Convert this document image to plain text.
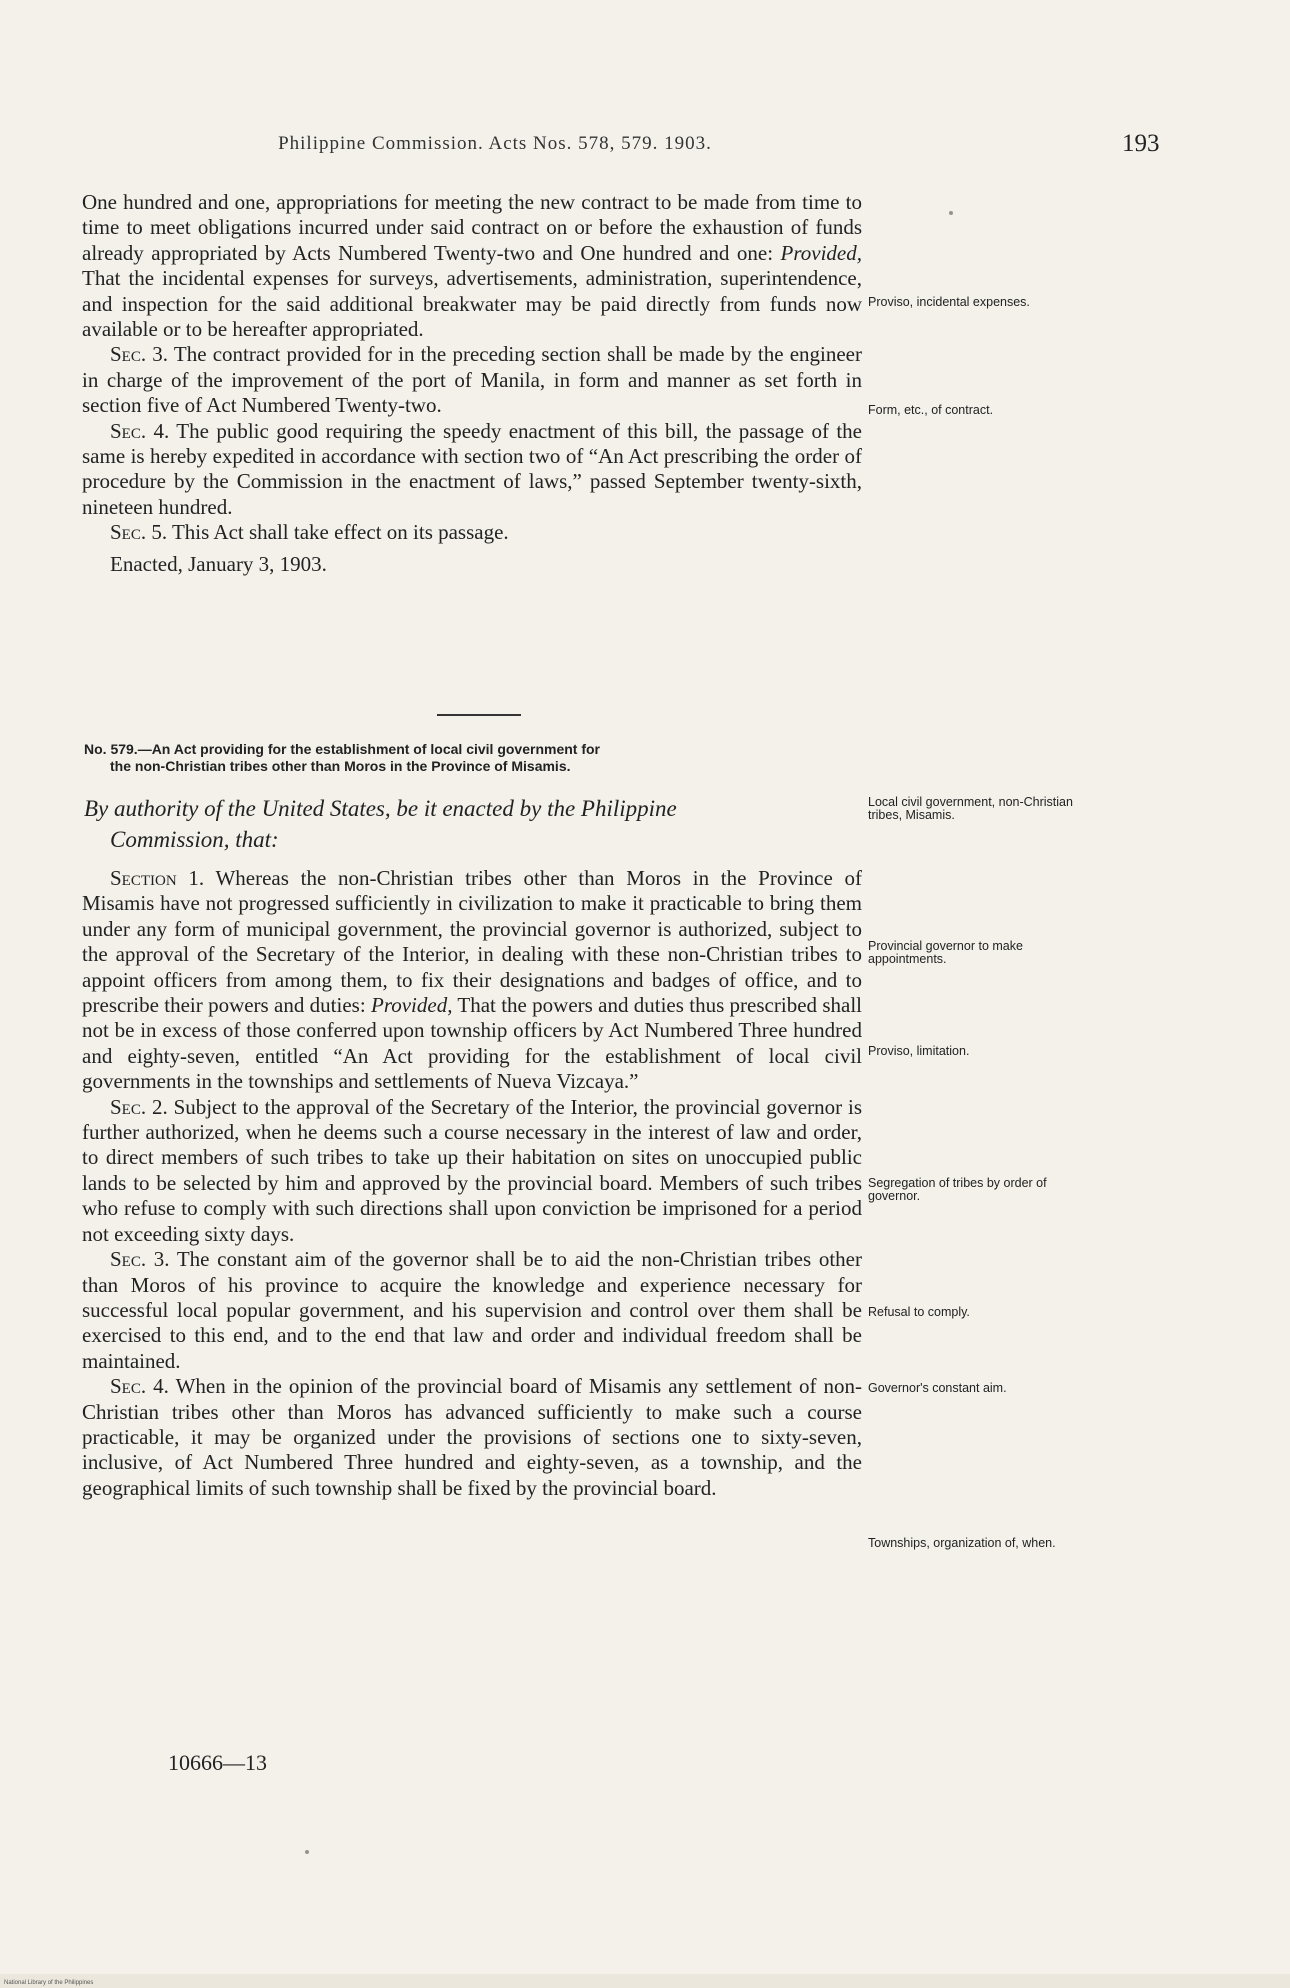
Philippine Commission. Acts Nos. 578, 579. 1903.	193

One hundred and one, appropriations for meeting the new contract to be made from time to time to meet obligations incurred under said contract on or before the exhaustion of funds already appropriated by Acts Numbered Twenty-two and One hundred and one: Provided, That the incidental expenses for surveys, advertisements, administration, superintendence, and inspection for the said additional breakwater may be paid directly from funds now available or to be hereafter appropriated.

Sec. 3. The contract provided for in the preceding section shall be made by the engineer in charge of the improvement of the port of Manila, in form and manner as set forth in section five of Act Numbered Twenty-two.

Sec. 4. The public good requiring the speedy enactment of this bill, the passage of the same is hereby expedited in accordance with section two of “An Act prescribing the order of procedure by the Commission in the enactment of laws,” passed September twenty-sixth, nineteen hundred.

Sec. 5. This Act shall take effect on its passage.

Enacted, January 3, 1903.

No. 579.—An Act providing for the establishment of local civil government for
the non-Christian tribes other than Moros in the Province of Misamis.
By authority of the United States, be it enacted by the Philippine
Commission, that:

Section 1. Whereas the non-Christian tribes other than Moros in the Province of Misamis have not progressed sufficiently in civilization to make it practicable to bring them under any form of municipal government, the provincial governor is authorized, subject to the approval of the Secretary of the Interior, in dealing with these non-Christian tribes to appoint officers from among them, to fix their designations and badges of office, and to prescribe their powers and duties: Provided, That the powers and duties thus prescribed shall not be in excess of those conferred upon township officers by Act Numbered Three hundred and eighty-seven, entitled “An Act providing for the establishment of local civil governments in the townships and settlements of Nueva Vizcaya.”

Sec. 2. Subject to the approval of the Secretary of the Interior, the provincial governor is further authorized, when he deems such a course necessary in the interest of law and order, to direct members of such tribes to take up their habitation on sites on unoccupied public lands to be selected by him and approved by the provincial board. Members of such tribes who refuse to comply with such directions shall upon conviction be imprisoned for a period not exceeding sixty days.

Sec. 3. The constant aim of the governor shall be to aid the non-Christian tribes other than Moros of his province to acquire the knowledge and experience necessary for successful local popular government, and his supervision and control over them shall be exercised to this end, and to the end that law and order and individual freedom shall be maintained.

Sec. 4. When in the opinion of the provincial board of Misamis any settlement of non-Christian tribes other than Moros has advanced sufficiently to make such a course practicable, it may be organized under the provisions of sections one to sixty-seven, inclusive, of Act Numbered Three hundred and eighty-seven, as a township, and the geographical limits of such township shall be fixed by the provincial board.

Proviso, incidental expenses.
Form, etc., of contract.
Local civil government, non-Christian tribes, Misamis.
Provincial governor to make appointments.
Proviso, limitation.
Segregation of tribes by order of governor.
Refusal to comply.
Governor's constant aim.
Townships, organization of, when.
10666—13
National Library of the Philippines
